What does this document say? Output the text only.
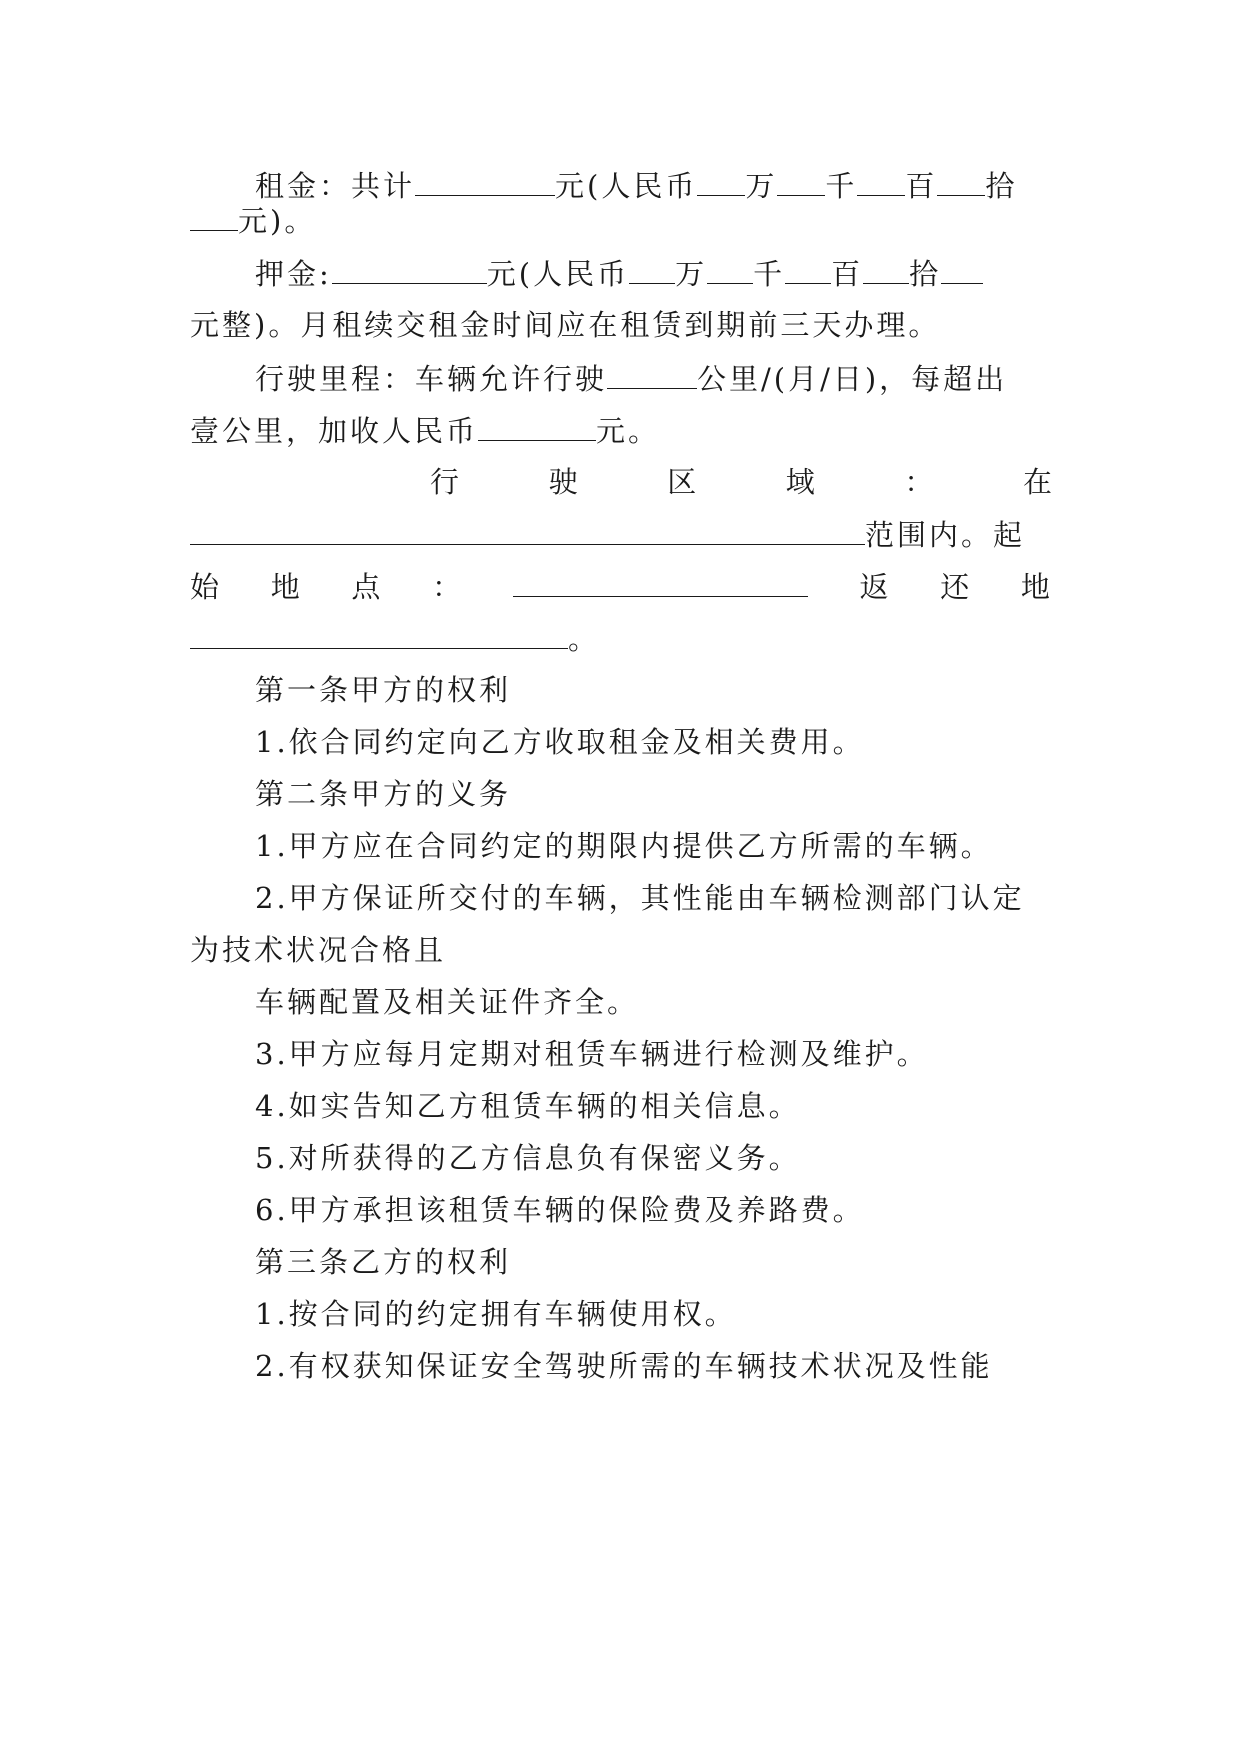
租金：共计	元(人民币 万 千 百 拾
元)。
押金:	元(人民币 万 千 百 拾
元整)。月租续交租金时间应在租赁到期前三天办理。
行驶里程：车辆允许行驶	公里/(月/日)，每超出
壹公里，加收人民币	元。
行	驶	区	域	：	在
范围内。起
始 地 点 ：	返 还 地
。
第一条甲方的权利
1.依合同约定向乙方收取租金及相关费用。
第二条甲方的义务
1.甲方应在合同约定的期限内提供乙方所需的车辆。
2.甲方保证所交付的车辆，其性能由车辆检测部门认定
为技术状况合格且
车辆配置及相关证件齐全。
3.甲方应每月定期对租赁车辆进行检测及维护。
4.如实告知乙方租赁车辆的相关信息。
5.对所获得的乙方信息负有保密义务。
6.甲方承担该租赁车辆的保险费及养路费。
第三条乙方的权利
1.按合同的约定拥有车辆使用权。
2.有权获知保证安全驾驶所需的车辆技术状况及性能
